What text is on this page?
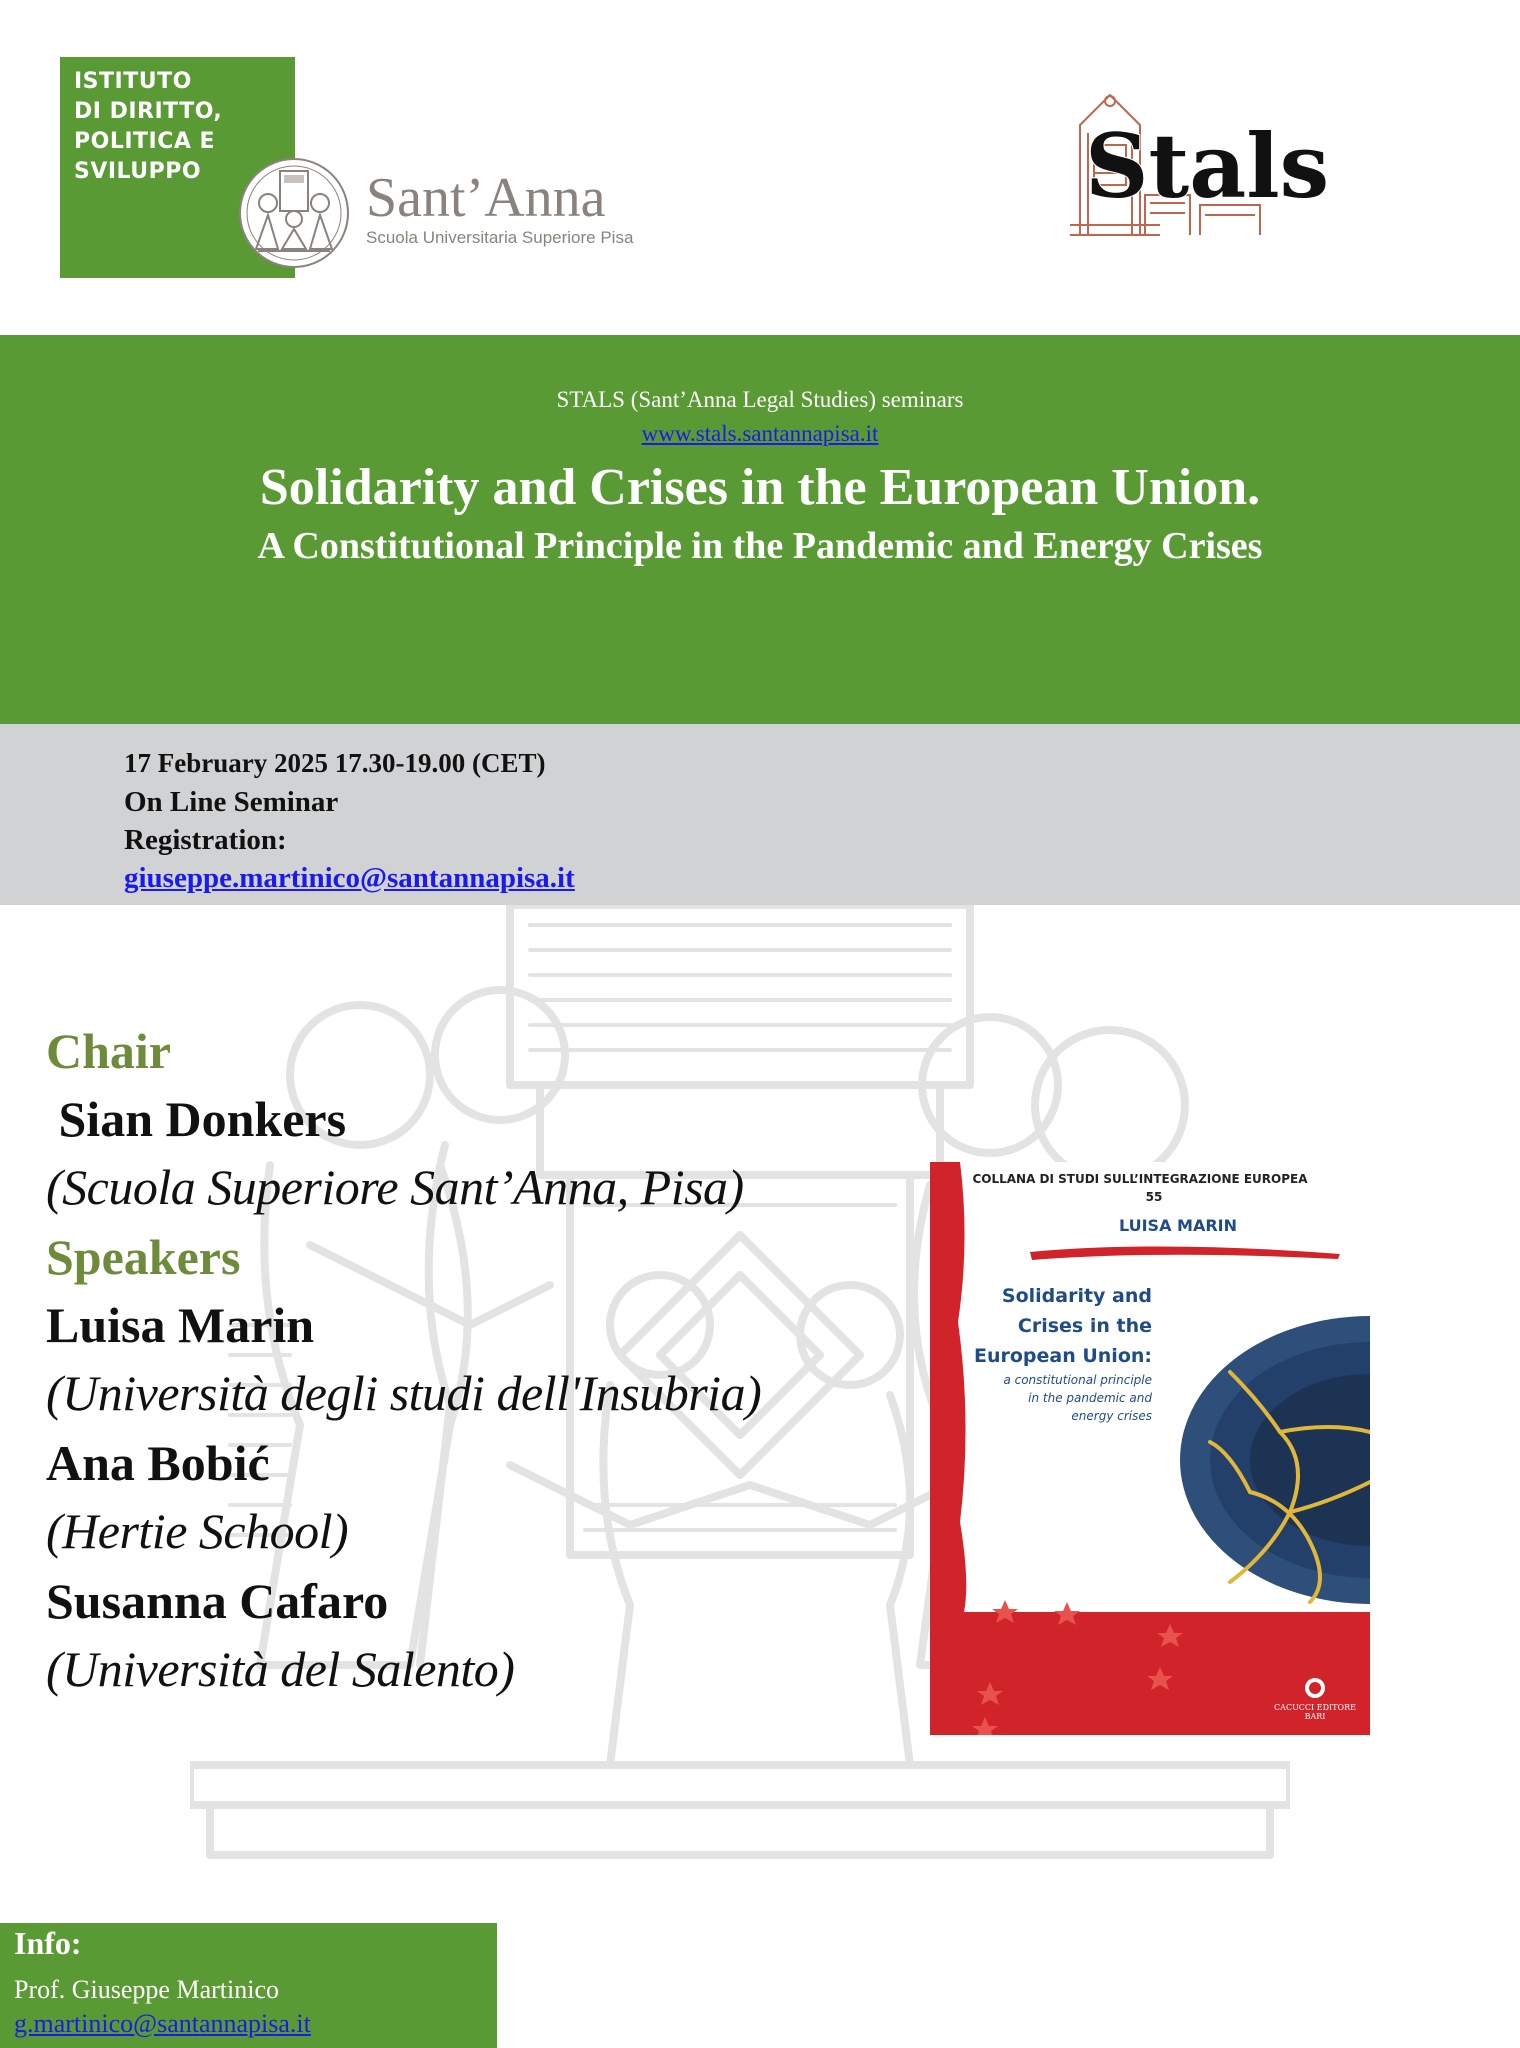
ISTITUTO
DI DIRITTO,
POLITICA E
SVILUPPO	Sant’Anna
Scuola Universitaria Superiore Pisa
Stals
STALS (Sant’Anna Legal Studies) seminars
www.stals.santannapisa.it
Solidarity and Crises in the European Union.
A Constitutional Principle in the Pandemic and Energy Crises
17 February 2025 17.30-19.00 (CET)
On Line Seminar
Registration:
giuseppe.martinico@santannapisa.it
Chair
Sian Donkers
(Scuola Superiore Sant’Anna, Pisa)
Speakers
Luisa Marin
(Università degli studi dell'Insubria)
Ana Bobić
(Hertie School)
Susanna Cafaro
(Università del Salento)
COLLANA DI STUDI SULL’INTEGRAZIONE EUROPEA
55
LUISA MARIN
Solidarity and
Crises in the
European Union:
a constitutional principle
in the pandemic and
energy crises
CACUCCI EDITORE
BARI
Info:
Prof. Giuseppe Martinico
g.martinico@santannapisa.it
